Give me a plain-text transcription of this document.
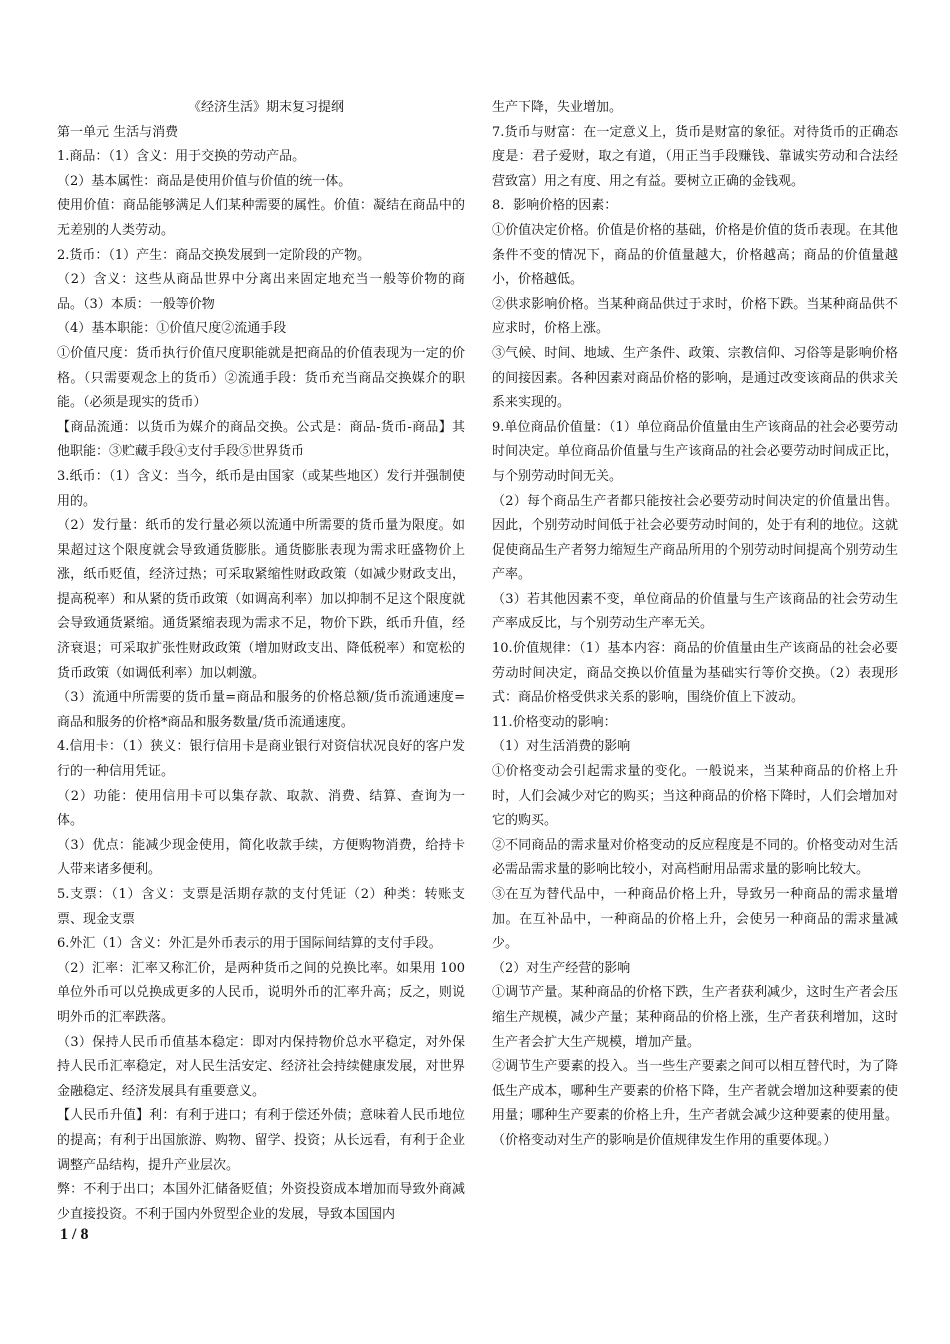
《经济生活》期末复习提纲

第一单元 生活与消费

1.商品：（1）含义：用于交换的劳动产品。

（2）基本属性：商品是使用价值与价值的统一体。

使用价值：商品能够满足人们某种需要的属性。价值：凝结在商品中的无差别的人类劳动。

2.货币：（1）产生：商品交换发展到一定阶段的产物。

（2）含义：这些从商品世界中分离出来固定地充当一般等价物的商品。（3）本质：一般等价物

（4）基本职能：①价值尺度②流通手段

①价值尺度：货币执行价值尺度职能就是把商品的价值表现为一定的价格。（只需要观念上的货币）②流通手段：货币充当商品交换媒介的职能。（必须是现实的货币）

【商品流通：以货币为媒介的商品交换。公式是：商品-货币-商品】其他职能：③贮藏手段④支付手段⑤世界货币

3.纸币：（1）含义：当今，纸币是由国家（或某些地区）发行并强制使用的。

（2）发行量：纸币的发行量必须以流通中所需要的货币量为限度。如果超过这个限度就会导致通货膨胀。通货膨胀表现为需求旺盛物价上涨，纸币贬值，经济过热；可采取紧缩性财政政策（如减少财政支出，提高税率）和从紧的货币政策（如调高利率）加以抑制不足这个限度就会导致通货紧缩。通货紧缩表现为需求不足，物价下跌，纸币升值，经济衰退；可采取扩张性财政政策（增加财政支出、降低税率）和宽松的货币政策（如调低利率）加以刺激。

（3）流通中所需要的货币量=商品和服务的价格总额/货币流通速度=商品和服务的价格*商品和服务数量/货币流通速度。

4.信用卡：（1）狭义：银行信用卡是商业银行对资信状况良好的客户发行的一种信用凭证。

（2）功能：使用信用卡可以集存款、取款、消费、结算、查询为一体。

（3）优点：能减少现金使用，简化收款手续，方便购物消费，给持卡人带来诸多便利。

5.支票：（1）含义：支票是活期存款的支付凭证（2）种类：转账支票、现金支票

6.外汇（1）含义：外汇是外币表示的用于国际间结算的支付手段。

（2）汇率：汇率又称汇价，是两种货币之间的兑换比率。如果用 100 单位外币可以兑换成更多的人民币，说明外币的汇率升高；反之，则说明外币的汇率跌落。

（3）保持人民币币值基本稳定：即对内保持物价总水平稳定，对外保持人民币汇率稳定，对人民生活安定、经济社会持续健康发展，对世界金融稳定、经济发展具有重要意义。

【人民币升值】利：有利于进口；有利于偿还外债；意味着人民币地位的提高；有利于出国旅游、购物、留学、投资；从长远看，有利于企业调整产品结构，提升产业层次。

弊：不利于出口；本国外汇储备贬值；外资投资成本增加而导致外商减少直接投资。不利于国内外贸型企业的发展，导致本国国内

生产下降，失业增加。

7.货币与财富：在一定意义上，货币是财富的象征。对待货币的正确态度是：君子爱财，取之有道，（用正当手段赚钱、靠诚实劳动和合法经营致富）用之有度、用之有益。要树立正确的金钱观。

8．影响价格的因素：

①价值决定价格。价值是价格的基础，价格是价值的货币表现。在其他条件不变的情况下，商品的价值量越大，价格越高；商品的价值量越小，价格越低。

②供求影响价格。当某种商品供过于求时，价格下跌。当某种商品供不应求时，价格上涨。

③气候、时间、地域、生产条件、政策、宗教信仰、习俗等是影响价格的间接因素。各种因素对商品价格的影响，是通过改变该商品的供求关系来实现的。

9.单位商品价值量：（1）单位商品价值量由生产该商品的社会必要劳动时间决定。单位商品价值量与生产该商品的社会必要劳动时间成正比，与个别劳动时间无关。

（2）每个商品生产者都只能按社会必要劳动时间决定的价值量出售。因此，个别劳动时间低于社会必要劳动时间的，处于有利的地位。这就促使商品生产者努力缩短生产商品所用的个别劳动时间提高个别劳动生产率。

（3）若其他因素不变，单位商品的价值量与生产该商品的社会劳动生产率成反比，与个别劳动生产率无关。

10.价值规律：（1）基本内容：商品的价值量由生产该商品的社会必要劳动时间决定，商品交换以价值量为基础实行等价交换。（2）表现形式：商品价格受供求关系的影响，围绕价值上下波动。

11.价格变动的影响：

（1）对生活消费的影响

①价格变动会引起需求量的变化。一般说来，当某种商品的价格上升时，人们会减少对它的购买；当这种商品的价格下降时，人们会增加对它的购买。

②不同商品的需求量对价格变动的反应程度是不同的。价格变动对生活必需品需求量的影响比较小，对高档耐用品需求量的影响比较大。

③在互为替代品中，一种商品价格上升，导致另一种商品的需求量增加。在互补品中，一种商品的价格上升，会使另一种商品的需求量减少。

（2）对生产经营的影响

①调节产量。某种商品的价格下跌，生产者获利减少，这时生产者会压缩生产规模，减少产量；某种商品的价格上涨，生产者获利增加，这时生产者会扩大生产规模，增加产量。

②调节生产要素的投入。当一些生产要素之间可以相互替代时，为了降低生产成本，哪种生产要素的价格下降，生产者就会增加这种要素的使用量；哪种生产要素的价格上升，生产者就会减少这种要素的使用量。（价格变动对生产的影响是价值规律发生作用的重要体现。）

1 / 8
